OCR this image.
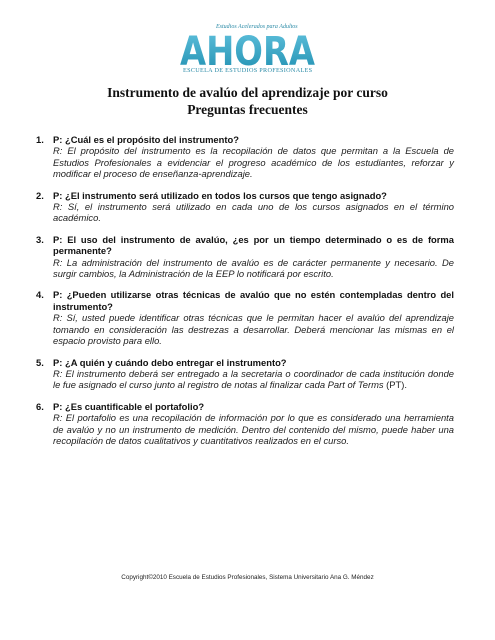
Estudios Acelerados para Adultos
AHORA
ESCUELA DE ESTUDIOS PROFESIONALES
Instrumento de avalúo del aprendizaje por curso
Preguntas frecuentes
1. P: ¿Cuál es el propósito del instrumento?
R: El propósito del instrumento es la recopilación de datos que permitan a la Escuela de Estudios Profesionales a evidenciar el progreso académico de los estudiantes, reforzar y modificar el proceso de enseñanza-aprendizaje.
2. P: ¿El instrumento será utilizado en todos los cursos que tengo asignado?
R: Sí, el instrumento será utilizado en cada uno de los cursos asignados en el término académico.
3. P: El uso del instrumento de avalúo, ¿es por un tiempo determinado o es de forma permanente?
R: La administración del instrumento de avalúo es de carácter permanente y necesario. De surgir cambios, la Administración de la EEP lo notificará por escrito.
4. P: ¿Pueden utilizarse otras técnicas de avalúo que no estén contempladas dentro del instrumento?
R: Sí, usted puede identificar otras técnicas que le permitan hacer el avalúo del aprendizaje tomando en consideración las destrezas a desarrollar. Deberá mencionar las mismas en el espacio provisto para ello.
5. P: ¿A quién y cuándo debo entregar el instrumento?
R: El instrumento deberá ser entregado a la secretaria o coordinador de cada institución donde le fue asignado el curso junto al registro de notas al finalizar cada Part of Terms (PT).
6. P: ¿Es cuantificable el portafolio?
R: El portafolio es una recopilación de información por lo que es considerado una herramienta de avalúo y no un instrumento de medición. Dentro del contenido del mismo, puede haber una recopilación de datos cualitativos y cuantitativos realizados en el curso.
Copyright©2010 Escuela de Estudios Profesionales, Sistema Universitario Ana G. Méndez
